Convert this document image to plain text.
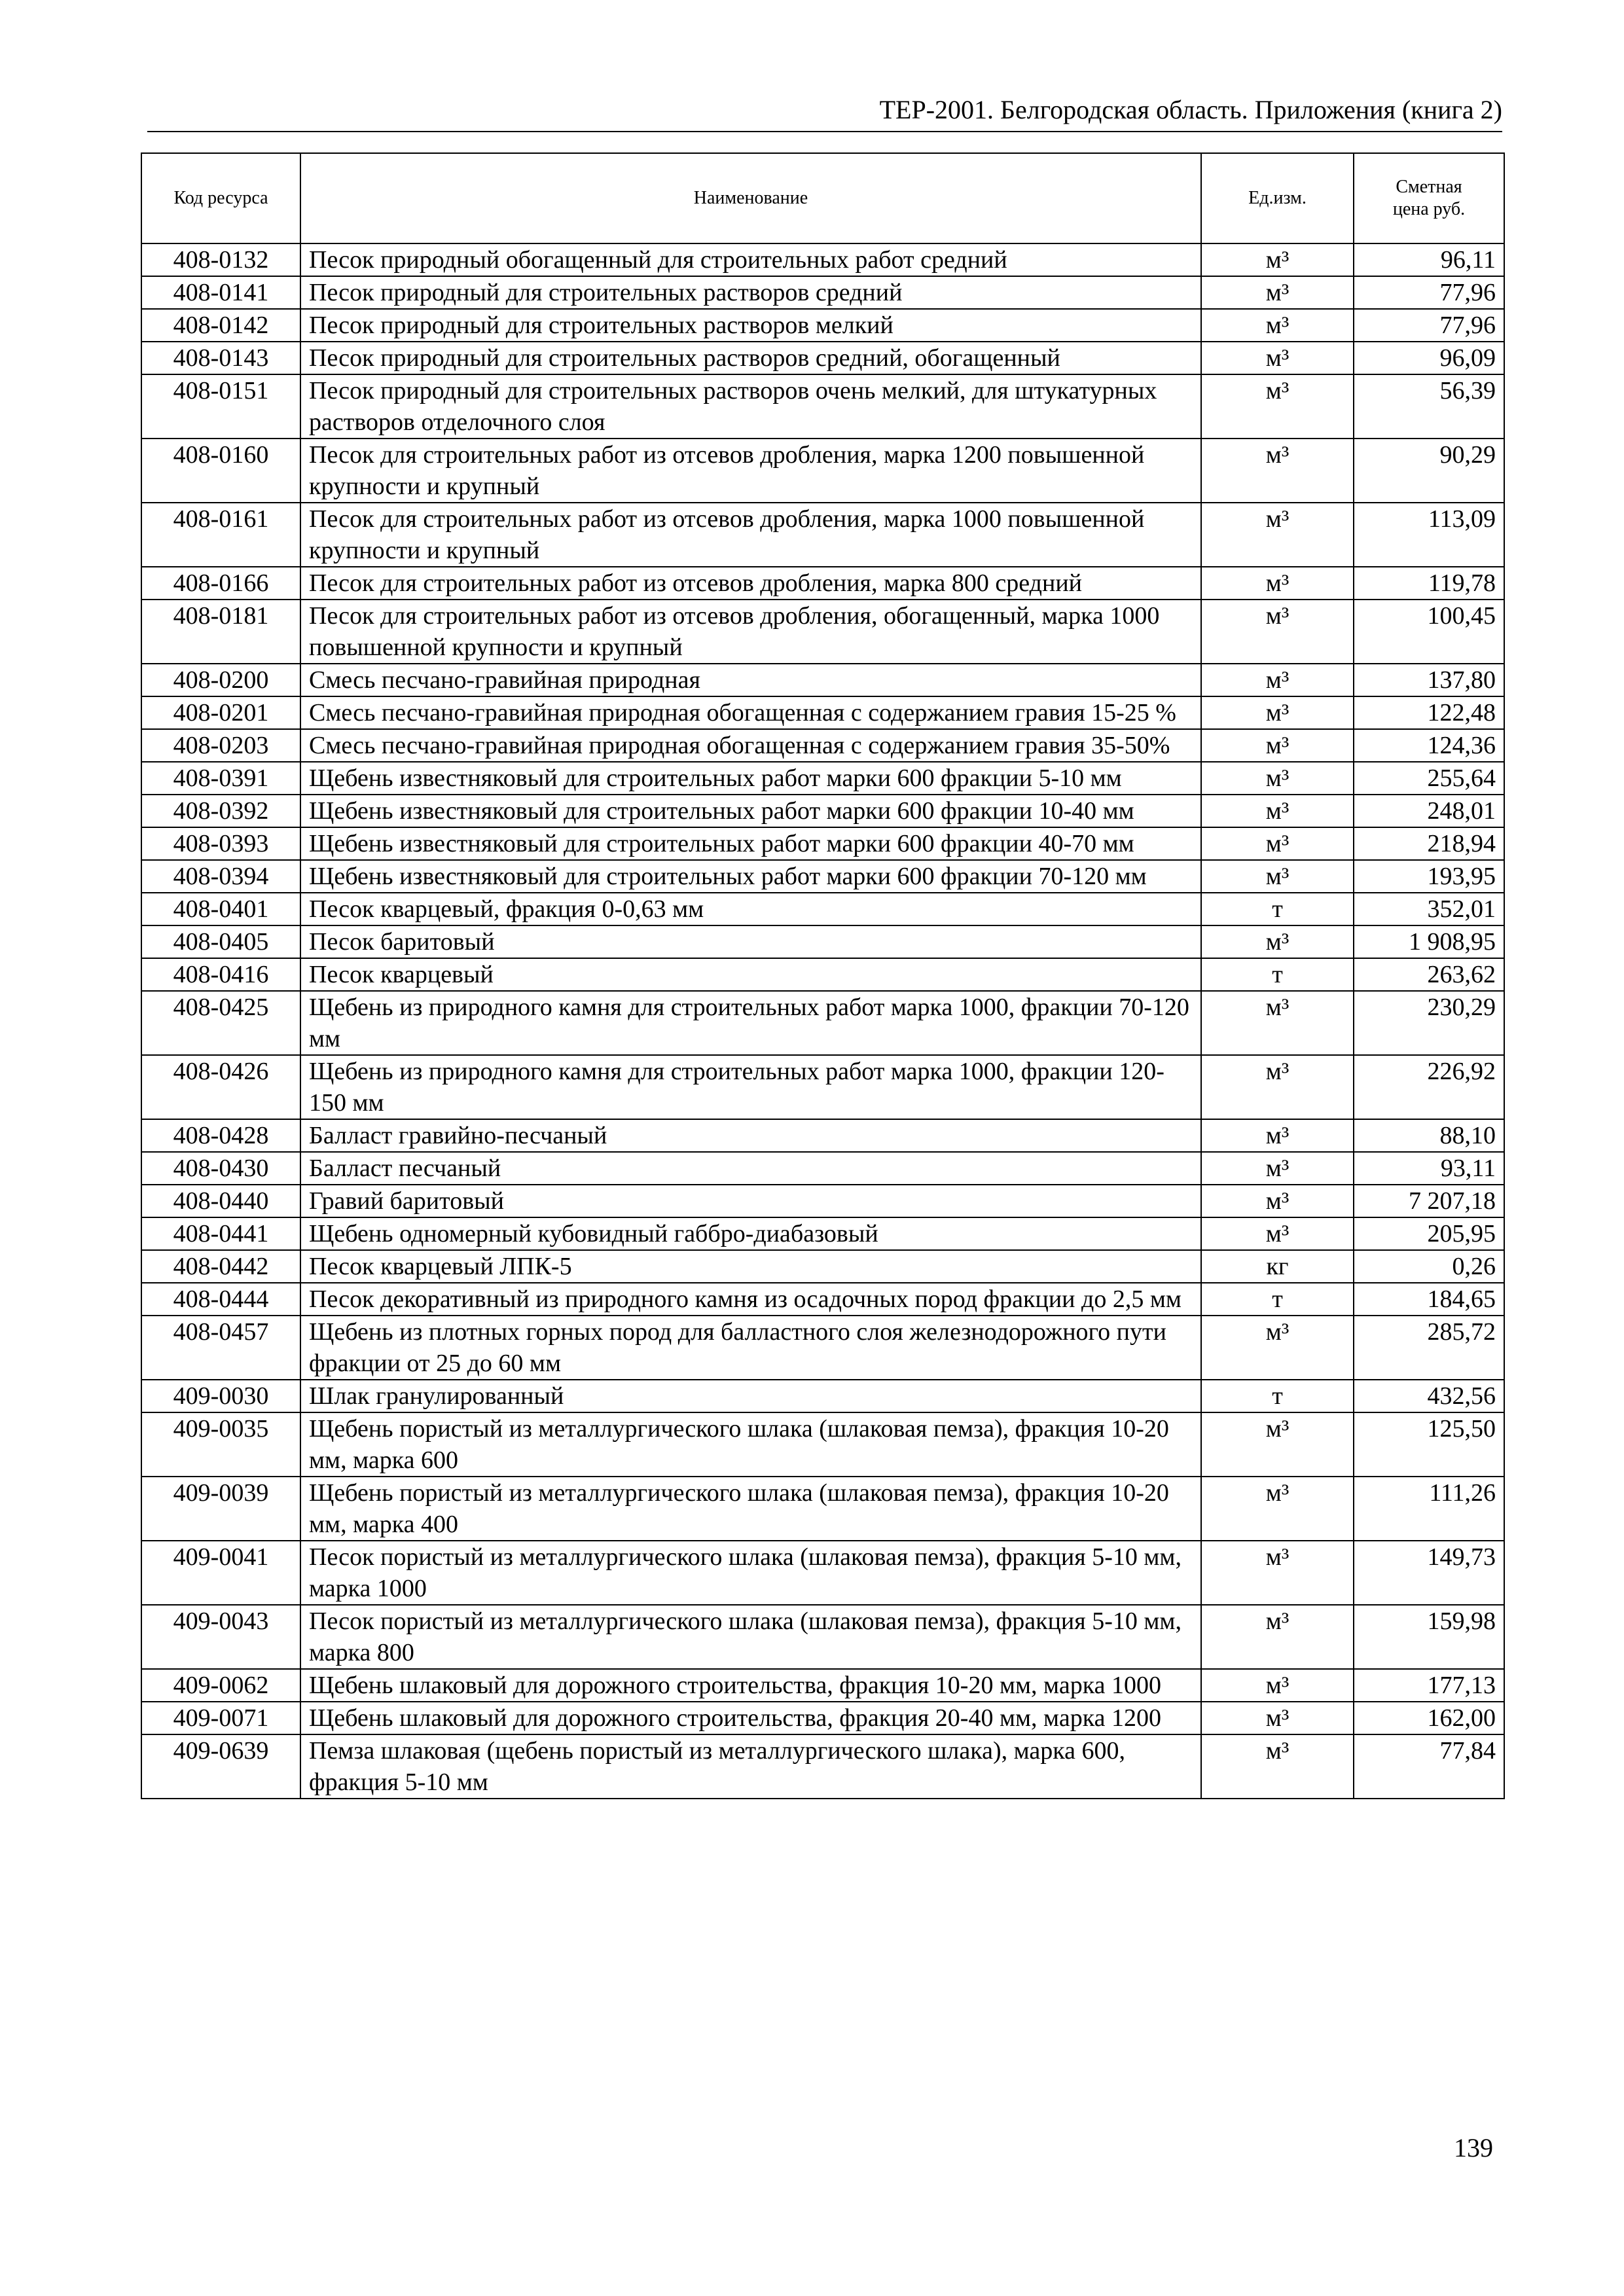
ТЕР-2001. Белгородская область. Приложения (книга 2)
Код ресурса	Наименование	Ед.изм.	Сметная цена руб.
408-0132	Песок природный обогащенный для строительных работ средний	м³	96,11
408-0141	Песок природный для строительных растворов средний	м³	77,96
408-0142	Песок природный для строительных растворов мелкий	м³	77,96
408-0143	Песок природный для строительных растворов средний, обогащенный	м³	96,09
408-0151	Песок природный для строительных растворов очень мелкий, для штукатурных растворов отделочного слоя	м³	56,39
408-0160	Песок для строительных работ из отсевов дробления, марка 1200 повышенной крупности и крупный	м³	90,29
408-0161	Песок для строительных работ из отсевов дробления, марка 1000 повышенной крупности и крупный	м³	113,09
408-0166	Песок для строительных работ из отсевов дробления, марка 800 средний	м³	119,78
408-0181	Песок для строительных работ из отсевов дробления, обогащенный, марка 1000 повышенной крупности и крупный	м³	100,45
408-0200	Смесь песчано-гравийная природная	м³	137,80
408-0201	Смесь песчано-гравийная природная обогащенная с содержанием гравия 15-25 %	м³	122,48
408-0203	Смесь песчано-гравийная природная обогащенная с содержанием гравия 35-50%	м³	124,36
408-0391	Щебень известняковый для строительных работ марки 600 фракции 5-10 мм	м³	255,64
408-0392	Щебень известняковый для строительных работ марки 600 фракции 10-40 мм	м³	248,01
408-0393	Щебень известняковый для строительных работ марки 600 фракции 40-70 мм	м³	218,94
408-0394	Щебень известняковый для строительных работ марки 600 фракции 70-120 мм	м³	193,95
408-0401	Песок кварцевый, фракция 0-0,63 мм	т	352,01
408-0405	Песок баритовый	м³	1 908,95
408-0416	Песок кварцевый	т	263,62
408-0425	Щебень из природного камня для строительных работ марка 1000, фракции 70-120 мм	м³	230,29
408-0426	Щебень из природного камня для строительных работ марка 1000, фракции 120-150 мм	м³	226,92
408-0428	Балласт гравийно-песчаный	м³	88,10
408-0430	Балласт песчаный	м³	93,11
408-0440	Гравий баритовый	м³	7 207,18
408-0441	Щебень одномерный кубовидный габбро-диабазовый	м³	205,95
408-0442	Песок кварцевый ЛПК-5	кг	0,26
408-0444	Песок декоративный из природного камня из осадочных пород фракции до 2,5 мм	т	184,65
408-0457	Щебень из плотных горных пород для балластного слоя железнодорожного пути фракции от 25 до 60 мм	м³	285,72
409-0030	Шлак гранулированный	т	432,56
409-0035	Щебень пористый из металлургического шлака (шлаковая пемза), фракция 10-20 мм, марка 600	м³	125,50
409-0039	Щебень пористый из металлургического шлака (шлаковая пемза), фракция 10-20 мм, марка 400	м³	111,26
409-0041	Песок пористый из металлургического шлака (шлаковая пемза), фракция 5-10 мм, марка 1000	м³	149,73
409-0043	Песок пористый из металлургического шлака (шлаковая пемза), фракция 5-10 мм, марка 800	м³	159,98
409-0062	Щебень шлаковый для дорожного строительства, фракция 10-20 мм, марка 1000	м³	177,13
409-0071	Щебень шлаковый для дорожного строительства, фракция 20-40 мм, марка 1200	м³	162,00
409-0639	Пемза шлаковая (щебень пористый из металлургического шлака), марка 600, фракция 5-10 мм	м³	77,84
139
